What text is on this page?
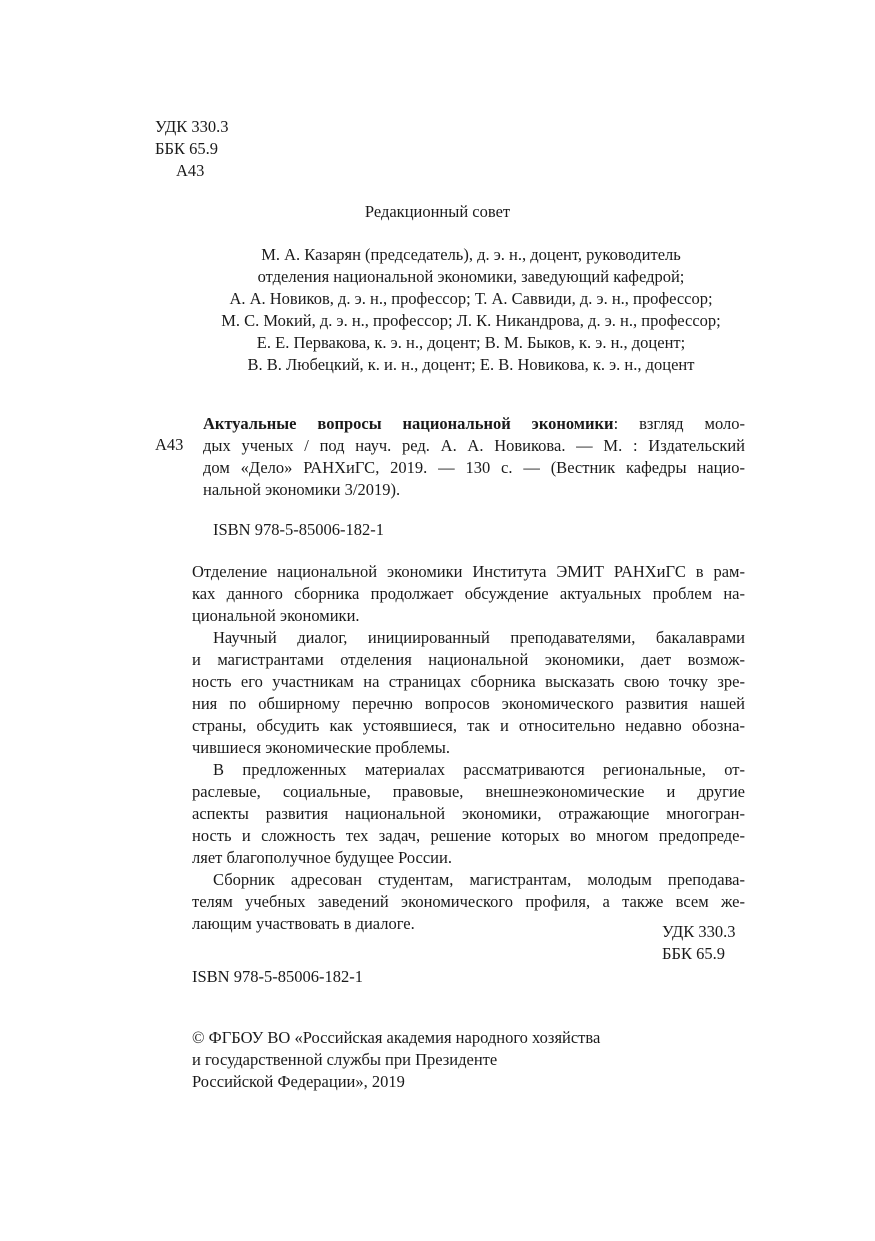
УДК 330.3
ББК 65.9
А43
Редакционный совет
М. А. Казарян (председатель), д. э. н., доцент, руководитель
отделения национальной экономики, заведующий кафедрой;
А. А. Новиков, д. э. н., профессор; Т. А. Саввиди, д. э. н., профессор;
М. С. Мокий, д. э. н., профессор; Л. К. Никандрова, д. э. н., профессор;
Е. Е. Первакова, к. э. н., доцент; В. М. Быков, к. э. н., доцент;
В. В. Любецкий, к. и. н., доцент; Е. В. Новикова, к. э. н., доцент
Актуальные вопросы национальной экономики: взгляд моло-
А43 дых ученых / под науч. ред. А. А. Новикова. — М. : Издательский
дом «Дело» РАНХиГС, 2019. — 130 с. — (Вестник кафедры нацио-
нальной экономики 3/2019).
ISBN 978-5-85006-182-1
Отделение национальной экономики Института ЭМИТ РАНХиГС в рам-
ках данного сборника продолжает обсуждение актуальных проблем на-
циональной экономики.
Научный диалог, инициированный преподавателями, бакалаврами
и магистрантами отделения национальной экономики, дает возмож-
ность его участникам на страницах сборника высказать свою точку зре-
ния по обширному перечню вопросов экономического развития нашей
страны, обсудить как устоявшиеся, так и относительно недавно обозна-
чившиеся экономические проблемы.
В предложенных материалах рассматриваются региональные, от-
раслевые, социальные, правовые, внешнеэкономические и другие
аспекты развития национальной экономики, отражающие многогран-
ность и сложность тех задач, решение которых во многом предопреде-
ляет благополучное будущее России.
Сборник адресован студентам, магистрантам, молодым преподава-
телям учебных заведений экономического профиля, а также всем же-
лающим участвовать в диалоге.	УДК 330.3
ББК 65.9
ISBN 978-5-85006-182-1
© ФГБОУ ВО «Российская академия народного хозяйства
и государственной службы при Президенте
Российской Федерации», 2019
